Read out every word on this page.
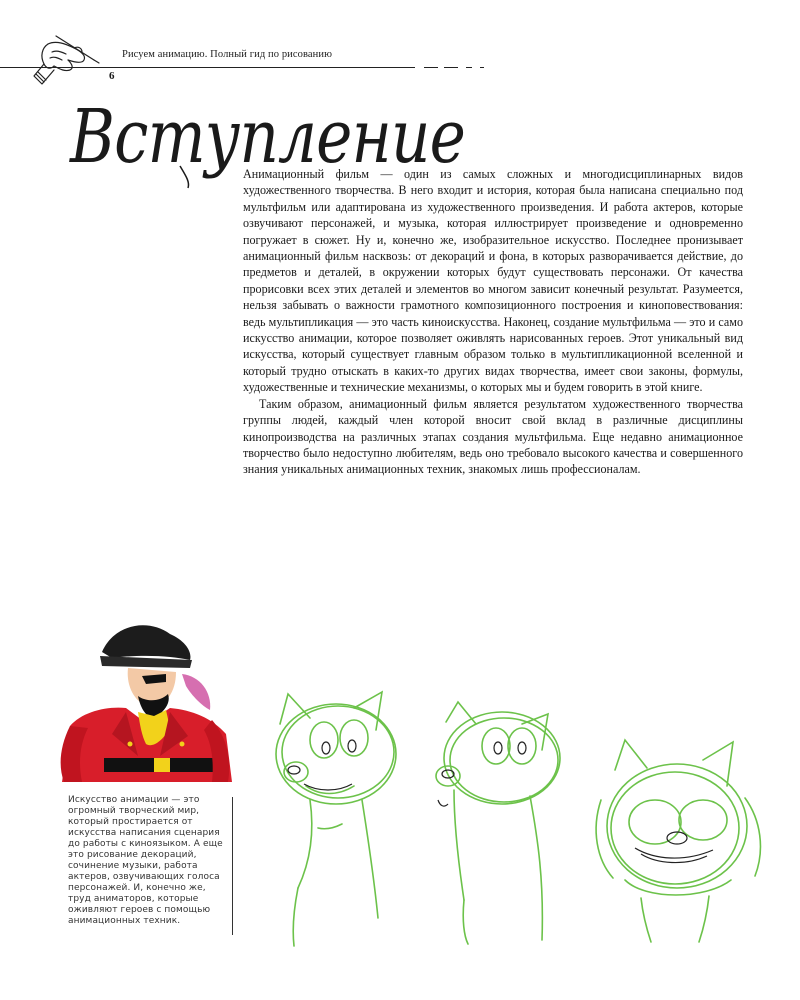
Рисуем анимацию. Полный гид по рисованию
6
Вступление

Анимационный фильм — один из самых сложных и многодисциплинарных видов художественного творчества. В него входит и история, которая была написана специально под мультфильм или адаптирована из художественного произведения. И работа актеров, которые озвучивают персонажей, и музыка, которая иллюстрирует произведение и одновременно погружает в сюжет. Ну и, конечно же, изобразительное искусство. Последнее пронизывает анимационный фильм насквозь: от декораций и фона, в которых разворачивается действие, до предметов и деталей, в окружении которых будут существовать персонажи. От качества прорисовки всех этих деталей и элементов во многом зависит конечный результат. Разумеется, нельзя забывать о важности грамотного композиционного построения и киноповествования: ведь мультипликация — это часть киноискусства. Наконец, создание мультфильма — это и само искусство анимации, которое позволяет оживлять нарисованных героев. Этот уникальный вид искусства, который существует главным образом только в мультипликационной вселенной и который трудно отыскать в каких-то других видах творчества, имеет свои законы, формулы, художественные и технические механизмы, о которых мы и будем говорить в этой книге.

Таким образом, анимационный фильм является результатом художественного творчества группы людей, каждый член которой вносит свой вклад в различные дисциплины кинопроизводства на различных этапах создания мультфильма. Еще недавно анимационное творчество было недоступно любителям, ведь оно требовало высокого качества и совершенного знания уникальных анимационных техник, знакомых лишь профессионалам.

Искусство анимации — это огромный творческий мир, который простирается от искусства написания сценария до работы с киноязыком. А еще это рисование декораций, сочинение музыки, работа актеров, озвучивающих голоса персонажей. И, конечно же, труд аниматоров, которые оживляют героев с помощью анимационных техник.
